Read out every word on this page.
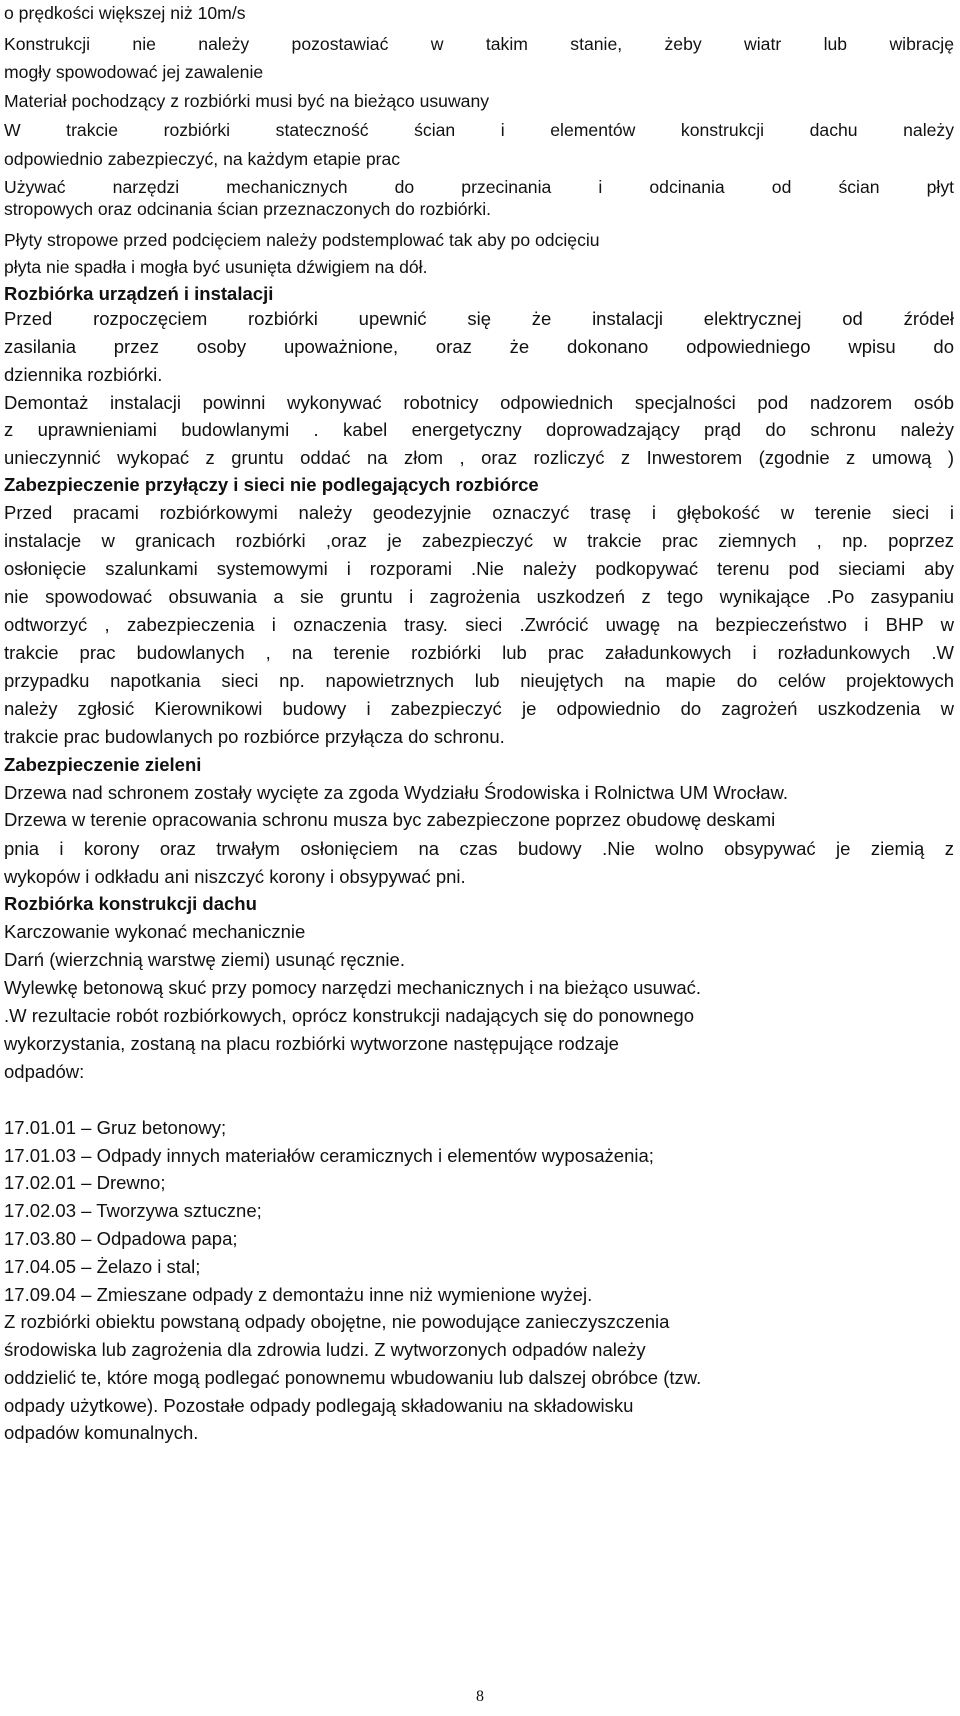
o prędkości większej niż 10m/s
Konstrukcji nie należy pozostawiać w takim stanie, żeby wiatr lub wibrację
mogły spowodować jej zawalenie
Materiał pochodzący z rozbiórki musi być na bieżąco usuwany
W trakcie rozbiórki stateczność ścian i elementów konstrukcji dachu należy
odpowiednio zabezpieczyć, na każdym etapie prac
Używać narzędzi mechanicznych do przecinania i odcinania od ścian płyt
stropowych oraz odcinania ścian przeznaczonych do rozbiórki.
Płyty stropowe przed podcięciem należy podstemplować tak aby po odcięciu
płyta nie spadła i mogła być usunięta dźwigiem na dół.
Rozbiórka urządzeń i instalacji
Przed rozpoczęciem rozbiórki upewnić się że instalacji elektrycznej od źródeł
zasilania przez osoby upoważnione, oraz że dokonano odpowiedniego wpisu do
dziennika rozbiórki.
Demontaż instalacji powinni wykonywać robotnicy odpowiednich specjalności pod nadzorem osób
z uprawnieniami budowlanymi . kabel energetyczny doprowadzający prąd do schronu należy
unieczynnić wykopać z gruntu oddać na złom , oraz rozliczyć z Inwestorem (zgodnie z umową )
Zabezpieczenie przyłączy i sieci nie podlegających rozbiórce
Przed pracami rozbiórkowymi należy geodezyjnie oznaczyć trasę i głębokość w terenie sieci i
instalacje w granicach rozbiórki ,oraz je zabezpieczyć w trakcie prac ziemnych , np. poprzez
osłonięcie szalunkami systemowymi i rozporami .Nie należy podkopywać terenu pod sieciami aby
nie spowodować obsuwania a sie gruntu i zagrożenia uszkodzeń z tego wynikające .Po zasypaniu
odtworzyć , zabezpieczenia i oznaczenia trasy. sieci .Zwrócić uwagę na bezpieczeństwo i BHP w
trakcie prac budowlanych , na terenie rozbiórki lub prac załadunkowych i rozładunkowych .W
przypadku napotkania sieci np. napowietrznych lub nieujętych na mapie do celów projektowych
należy zgłosić Kierownikowi budowy i zabezpieczyć je odpowiednio do zagrożeń uszkodzenia w
trakcie prac budowlanych po rozbiórce przyłącza do schronu.
Zabezpieczenie zieleni
Drzewa nad schronem zostały wycięte za zgoda Wydziału Środowiska i Rolnictwa UM Wrocław.
Drzewa w terenie opracowania schronu musza byc zabezpieczone poprzez obudowę deskami
pnia i korony oraz trwałym osłonięciem na czas budowy .Nie wolno obsypywać je ziemią z
wykopów i odkładu ani niszczyć korony i obsypywać pni.
Rozbiórka konstrukcji dachu
Karczowanie wykonać mechanicznie
Darń (wierzchnią warstwę ziemi) usunąć ręcznie.
Wylewkę betonową skuć przy pomocy narzędzi mechanicznych i na bieżąco usuwać.
.W rezultacie robót rozbiórkowych, oprócz konstrukcji nadających się do ponownego
wykorzystania, zostaną na placu rozbiórki wytworzone następujące rodzaje
odpadów:
17.01.01 – Gruz betonowy;
17.01.03 – Odpady innych materiałów ceramicznych i elementów wyposażenia;
17.02.01 – Drewno;
17.02.03 – Tworzywa sztuczne;
17.03.80 – Odpadowa papa;
17.04.05 – Żelazo i stal;
17.09.04 – Zmieszane odpady z demontażu inne niż wymienione wyżej.
Z rozbiórki obiektu powstaną odpady obojętne, nie powodujące zanieczyszczenia
środowiska lub zagrożenia dla zdrowia ludzi. Z wytworzonych odpadów należy
oddzielić te, które mogą podlegać ponownemu wbudowaniu lub dalszej obróbce (tzw.
odpady użytkowe). Pozostałe odpady podlegają składowaniu na składowisku
odpadów komunalnych.
8
